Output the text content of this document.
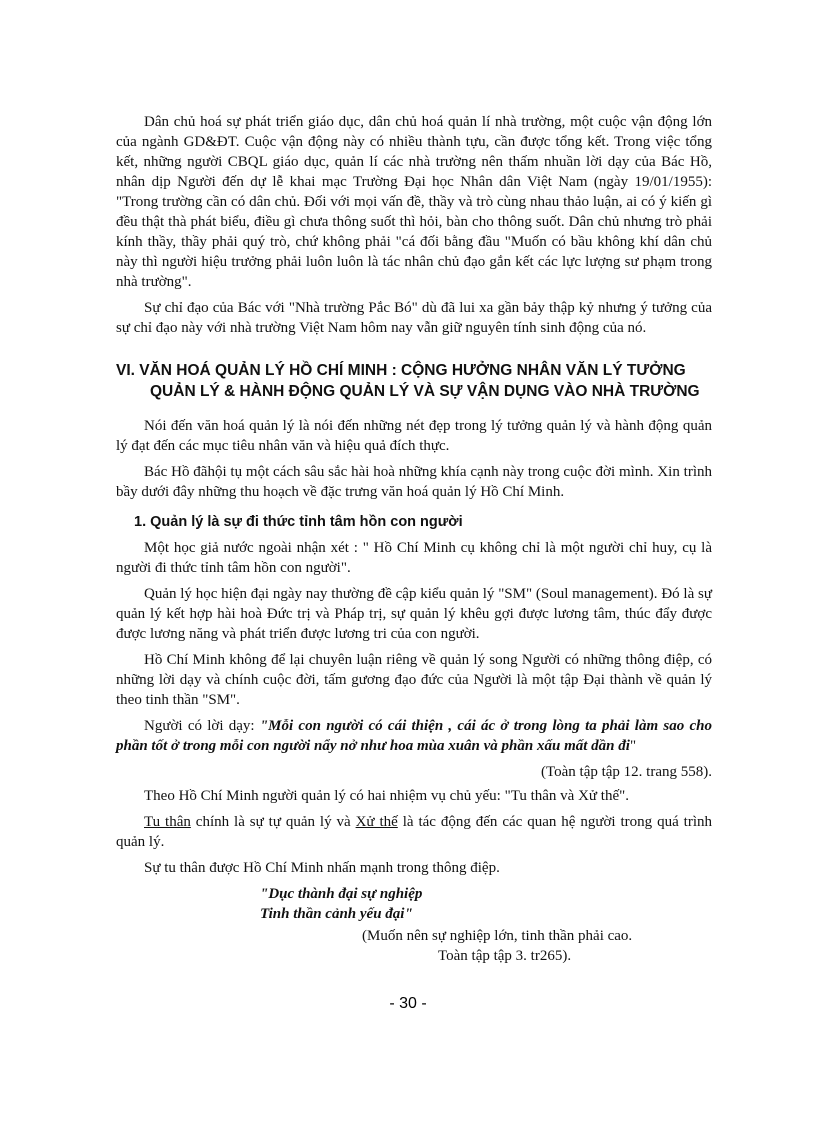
Dân chủ hoá sự phát triển giáo dục, dân chủ hoá quản lí nhà trường, một cuộc vận động lớn của ngành GD&ĐT. Cuộc vận động này có nhiều thành tựu, cần được tổng kết. Trong việc tổng kết, những người CBQL giáo dục, quản lí các nhà trường nên thấm nhuần lời dạy của Bác Hồ, nhân dịp Người đến dự lễ khai mạc Trường Đại học Nhân dân Việt Nam (ngày 19/01/1955): "Trong trường cần có dân chủ. Đối với mọi vấn đề, thầy và trò cùng nhau thảo luận, ai có ý kiến gì đều thật thà phát biểu, điều gì chưa thông suốt thì hỏi, bàn cho thông suốt. Dân chủ nhưng trò phải kính thầy, thầy phải quý trò, chứ không phải "cá đối bằng đầu "Muốn có bầu không khí dân chủ này thì người hiệu trưởng phải luôn luôn là tác nhân chủ đạo gắn kết các lực lượng sư phạm trong nhà trường".

Sự chỉ đạo của Bác với "Nhà trường Pắc Bó" dù đã lui xa gần bảy thập kỷ nhưng ý tưởng của sự chỉ đạo này với nhà trường Việt Nam hôm nay vẫn giữ nguyên tính sinh động của nó.

VI. VĂN HOÁ QUẢN LÝ HỒ CHÍ MINH : CỘNG HƯỞNG NHÂN VĂN LÝ TƯỞNG
QUẢN LÝ & HÀNH ĐỘNG QUẢN LÝ VÀ SỰ VẬN DỤNG VÀO NHÀ TRƯỜNG

Nói đến văn hoá quản lý là nói đến những nét đẹp trong lý tưởng quản lý và hành động quản lý đạt đến các mục tiêu nhân văn và hiệu quả đích thực.

Bác Hồ đãhội tụ một cách sâu sắc hài hoà những khía cạnh này trong cuộc đời mình. Xin trình bầy dưới đây những thu hoạch về đặc trưng văn hoá quản lý Hồ Chí Minh.

1. Quản lý là sự đi thức tỉnh tâm hồn con người

Một học giả nước ngoài nhận xét : " Hồ Chí Minh cụ không chỉ là một người chỉ huy, cụ là người đi thức tỉnh tâm hồn con người".

Quản lý học hiện đại ngày nay thường đề cập kiểu quản lý "SM" (Soul management). Đó là sự quản lý kết hợp hài hoà Đức trị và Pháp trị, sự quản lý khêu gợi được lương tâm, thúc đẩy được được lương năng và phát triển được lương tri của con người.

Hồ Chí Minh không để lại chuyên luận riêng về quản lý song Người có những thông điệp, có những lời dạy và chính cuộc đời, tấm gương đạo đức của Người là một tập Đại thành về quản lý theo tinh thần "SM".

Người có lời dạy: "Mỗi con người có cái thiện , cái ác ở trong lòng ta phải làm sao cho phần tốt ở trong mỗi con người nẩy nở như hoa mùa xuân và phần xấu mất dần đi"

(Toàn tập tập 12. trang 558).

Theo Hồ Chí Minh người quản lý có hai nhiệm vụ chủ yếu: "Tu thân và Xử thế".

Tu thân chính là sự tự quản lý và Xử thế là tác động đến các quan hệ người trong quá trình quản lý.

Sự tu thân được Hồ Chí Minh nhấn mạnh trong thông điệp.

"Dục thành đại sự nghiệp
Tinh thần cảnh yếu đại"
(Muốn nên sự nghiệp lớn, tinh thần phải cao.
Toàn tập tập 3. tr265).
- 30 -
